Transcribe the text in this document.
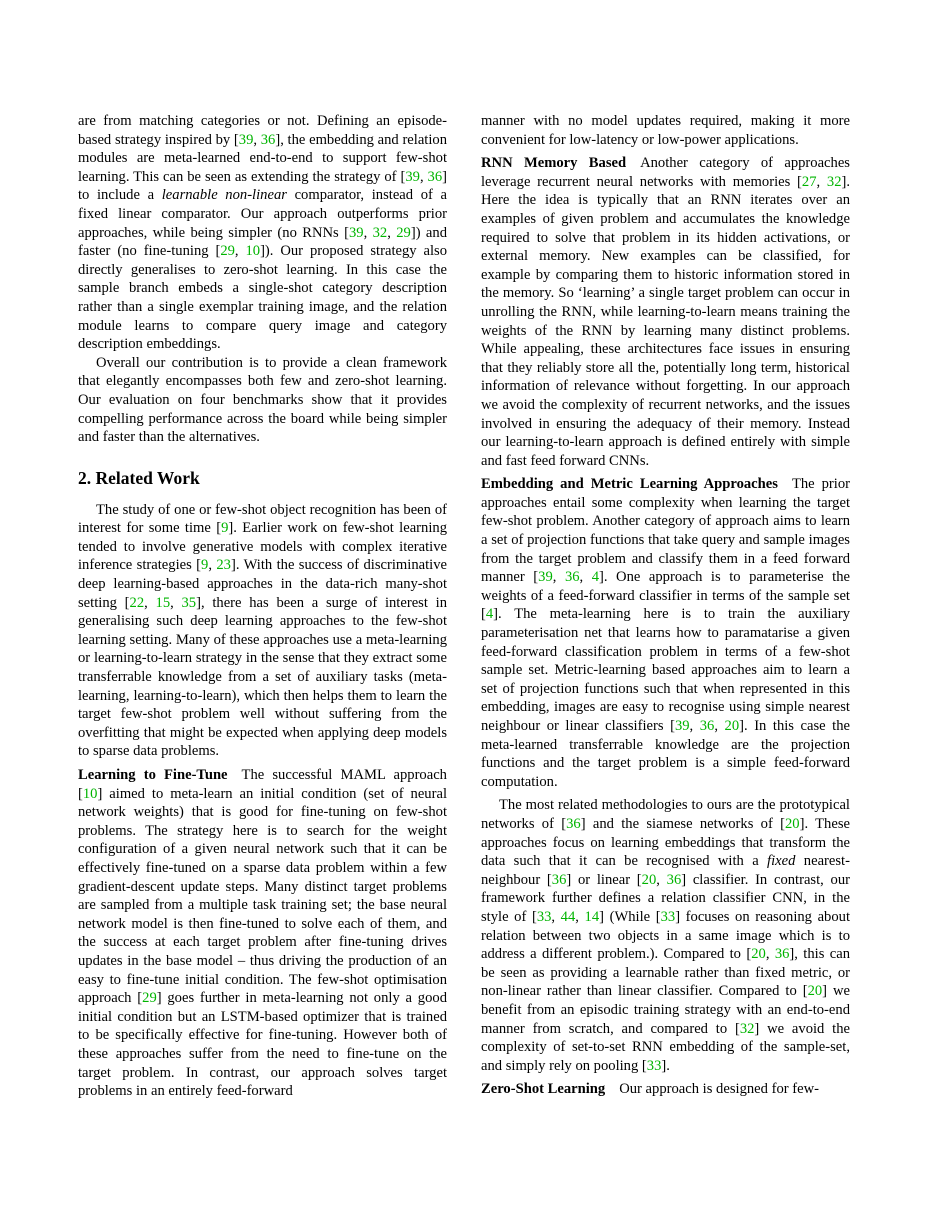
are from matching categories or not. Defining an episode-based strategy inspired by [39, 36], the embedding and relation modules are meta-learned end-to-end to support few-shot learning. This can be seen as extending the strategy of [39, 36] to include a learnable non-linear comparator, instead of a fixed linear comparator. Our approach outperforms prior approaches, while being simpler (no RNNs [39, 32, 29]) and faster (no fine-tuning [29, 10]). Our proposed strategy also directly generalises to zero-shot learning. In this case the sample branch embeds a single-shot category description rather than a single exemplar training image, and the relation module learns to compare query image and category description embeddings.

Overall our contribution is to provide a clean framework that elegantly encompasses both few and zero-shot learning. Our evaluation on four benchmarks show that it provides compelling performance across the board while being simpler and faster than the alternatives.

2. Related Work

The study of one or few-shot object recognition has been of interest for some time [9]. Earlier work on few-shot learning tended to involve generative models with complex iterative inference strategies [9, 23]. With the success of discriminative deep learning-based approaches in the data-rich many-shot setting [22, 15, 35], there has been a surge of interest in generalising such deep learning approaches to the few-shot learning setting. Many of these approaches use a meta-learning or learning-to-learn strategy in the sense that they extract some transferrable knowledge from a set of auxiliary tasks (meta-learning, learning-to-learn), which then helps them to learn the target few-shot problem well without suffering from the overfitting that might be expected when applying deep models to sparse data problems.

Learning to Fine-Tune The successful MAML approach [10] aimed to meta-learn an initial condition (set of neural network weights) that is good for fine-tuning on few-shot problems. The strategy here is to search for the weight configuration of a given neural network such that it can be effectively fine-tuned on a sparse data problem within a few gradient-descent update steps. Many distinct target problems are sampled from a multiple task training set; the base neural network model is then fine-tuned to solve each of them, and the success at each target problem after fine-tuning drives updates in the base model – thus driving the production of an easy to fine-tune initial condition. The few-shot optimisation approach [29] goes further in meta-learning not only a good initial condition but an LSTM-based optimizer that is trained to be specifically effective for fine-tuning. However both of these approaches suffer from the need to fine-tune on the target problem. In contrast, our approach solves target problems in an entirely feed-forward

manner with no model updates required, making it more convenient for low-latency or low-power applications.

RNN Memory Based Another category of approaches leverage recurrent neural networks with memories [27, 32]. Here the idea is typically that an RNN iterates over an examples of given problem and accumulates the knowledge required to solve that problem in its hidden activations, or external memory. New examples can be classified, for example by comparing them to historic information stored in the memory. So ‘learning’ a single target problem can occur in unrolling the RNN, while learning-to-learn means training the weights of the RNN by learning many distinct problems. While appealing, these architectures face issues in ensuring that they reliably store all the, potentially long term, historical information of relevance without forgetting. In our approach we avoid the complexity of recurrent networks, and the issues involved in ensuring the adequacy of their memory. Instead our learning-to-learn approach is defined entirely with simple and fast feed forward CNNs.

Embedding and Metric Learning Approaches The prior approaches entail some complexity when learning the target few-shot problem. Another category of approach aims to learn a set of projection functions that take query and sample images from the target problem and classify them in a feed forward manner [39, 36, 4]. One approach is to parameterise the weights of a feed-forward classifier in terms of the sample set [4]. The meta-learning here is to train the auxiliary parameterisation net that learns how to paramatarise a given feed-forward classification problem in terms of a few-shot sample set. Metric-learning based approaches aim to learn a set of projection functions such that when represented in this embedding, images are easy to recognise using simple nearest neighbour or linear classifiers [39, 36, 20]. In this case the meta-learned transferrable knowledge are the projection functions and the target problem is a simple feed-forward computation.

The most related methodologies to ours are the prototypical networks of [36] and the siamese networks of [20]. These approaches focus on learning embeddings that transform the data such that it can be recognised with a fixed nearest-neighbour [36] or linear [20, 36] classifier. In contrast, our framework further defines a relation classifier CNN, in the style of [33, 44, 14] (While [33] focuses on reasoning about relation between two objects in a same image which is to address a different problem.). Compared to [20, 36], this can be seen as providing a learnable rather than fixed metric, or non-linear rather than linear classifier. Compared to [20] we benefit from an episodic training strategy with an end-to-end manner from scratch, and compared to [32] we avoid the complexity of set-to-set RNN embedding of the sample-set, and simply rely on pooling [33].

Zero-Shot Learning Our approach is designed for few-
